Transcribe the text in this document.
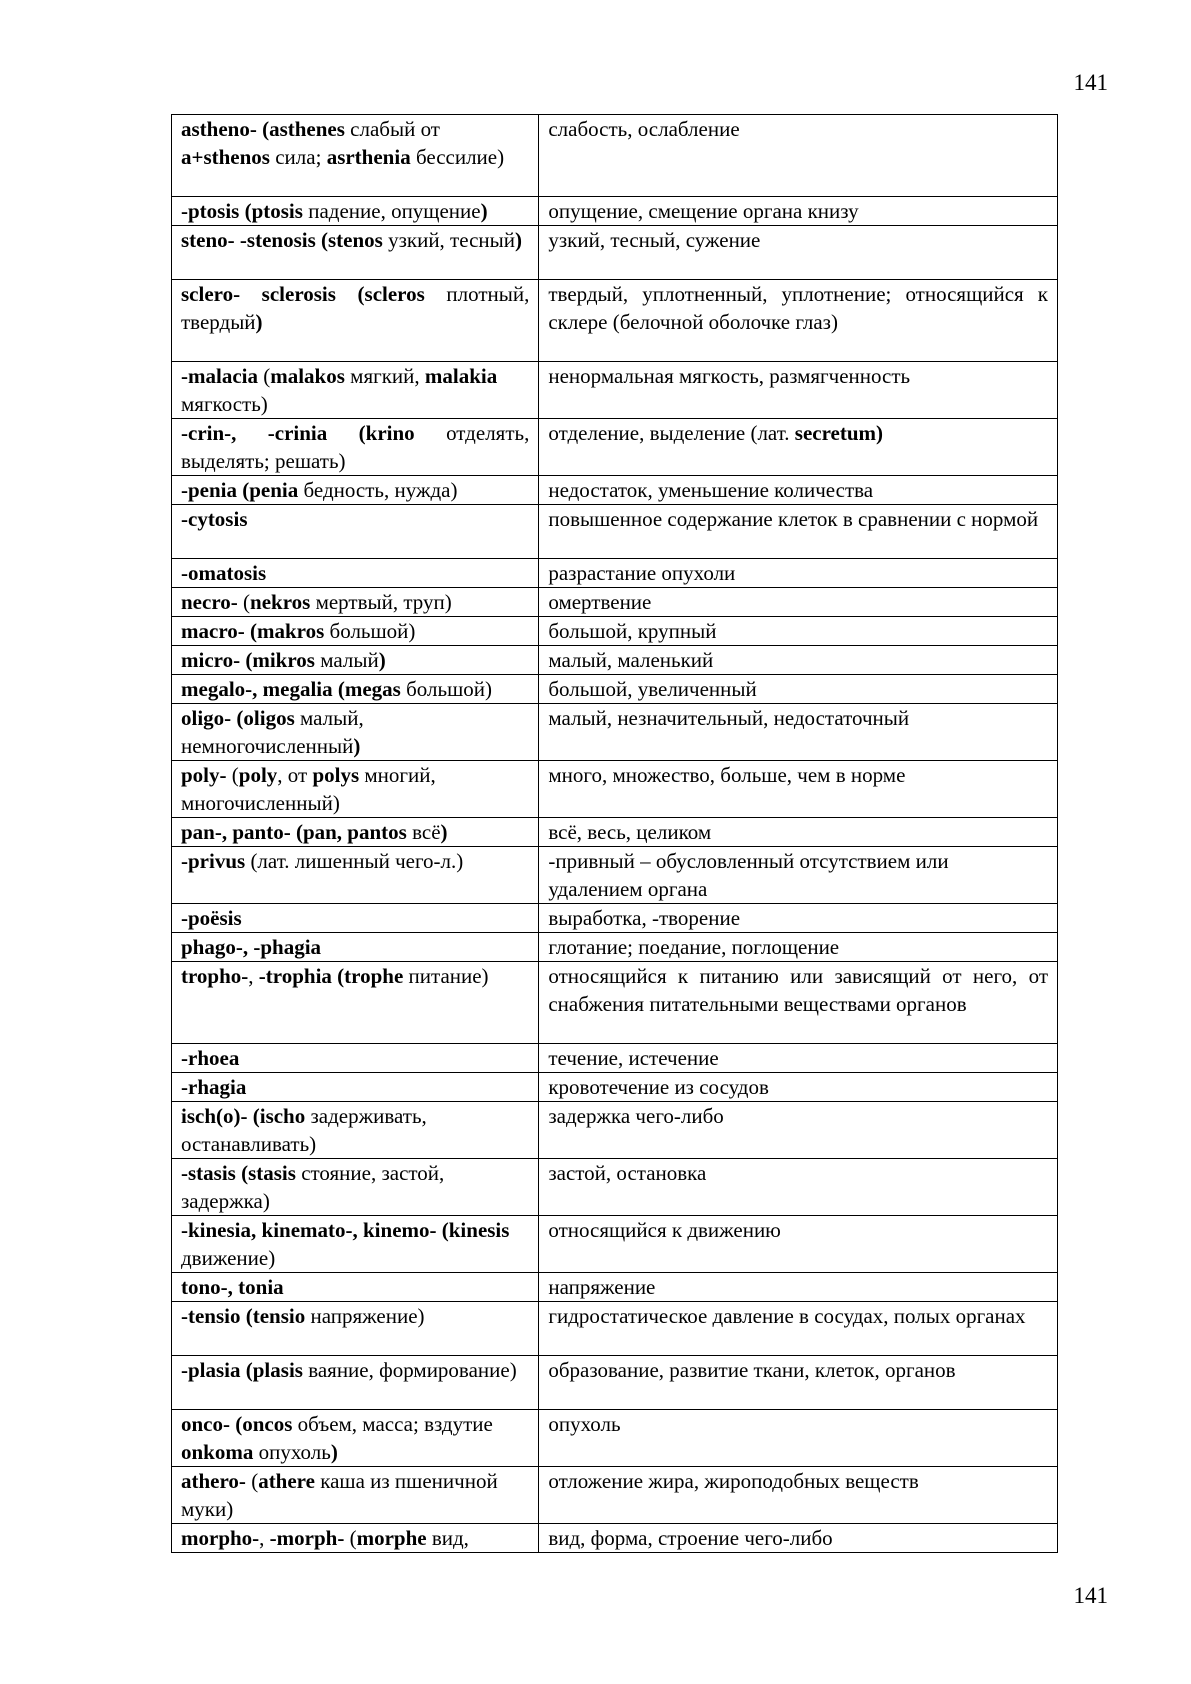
141
astheno- (asthenes слабый от a+sthenos сила; asrthenia бессилие)	слабость, ослабление
-ptosis (ptosis падение, опущение)	опущение, смещение органа книзу
steno- -stenosis (stenos узкий, тесный)	узкий, тесный, сужение
sclero- sclerosis (scleros плотный, твердый)	твердый, уплотненный, уплотнение; относящийся к склере (белочной оболочке глаз)
-malacia (malakos мягкий, malakia мягкость)	ненормальная мягкость, размягченность
-crin-, -crinia (krino отделять, выделять; решать)	отделение, выделение (лат. secretum)
-penia (penia бедность, нужда)	недостаток, уменьшение количества
-cytosis	повышенное содержание клеток в сравнении с нормой
-omatosis	разрастание опухоли
necro- (nekros мертвый, труп)	омертвение
macro- (makros большой)	большой, крупный
micro- (mikros малый)	малый, маленький
megalo-, megalia (megas большой)	большой, увеличенный
oligo- (oligos малый, немногочисленный)	малый, незначительный, недостаточный
poly- (poly, от polys многий, многочисленный)	много, множество, больше, чем в норме
pan-, panto- (pan, pantos всё)	всё, весь, целиком
-privus (лат. лишенный чего-л.)	-привный – обусловленный отсутствием или удалением органа
-poёsis	выработка, -творение
phago-, -phagia	глотание; поедание, поглощение
tropho-, -trophia (trophe питание)	относящийся к питанию или зависящий от него, от снабжения питательными веществами органов
-rhoea	течение, истечение
-rhagia	кровотечение из сосудов
isch(o)- (ischo задерживать, останавливать)	задержка чего-либо
-stasis (stasis стояние, застой, задержка)	застой, остановка
-kinesia, kinemato-, kinemo- (kinesis движение)	относящийся к движению
tono-, tonia	напряжение
-tensio (tensio напряжение)	гидростатическое давление в сосудах, полых органах
-plasia (plasis ваяние, формирование)	образование, развитие ткани, клеток, органов
onco- (oncos объем, масса; вздутие onkoma опухоль)	опухоль
athero- (athere каша из пшеничной муки)	отложение жира, жироподобных веществ
morpho-, -morph- (morphe вид,	вид, форма, строение чего-либо
141
